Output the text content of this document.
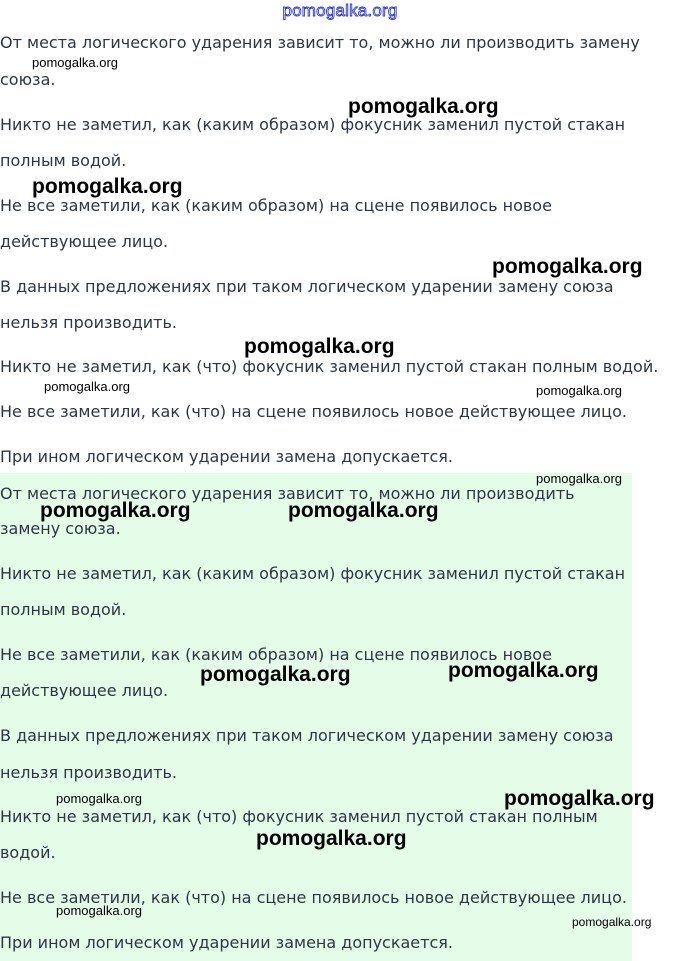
pomogalka.org
От места логического ударения зависит то, можно ли производить замену
союза.
Никто не заметил, как (каким образом) фокусник заменил пустой стакан
полным водой.
Не все заметили, как (каким образом) на сцене появилось новое
действующее лицо.
В данных предложениях при таком логическом ударении замену союза
нельзя производить.
Никто не заметил, как (что) фокусник заменил пустой стакан полным водой.
Не все заметили, как (что) на сцене появилось новое действующее лицо.
При ином логическом ударении замена допускается.
От места логического ударения зависит то, можно ли производить
замену союза.
Никто не заметил, как (каким образом) фокусник заменил пустой стакан
полным водой.
Не все заметили, как (каким образом) на сцене появилось новое
действующее лицо.
В данных предложениях при таком логическом ударении замену союза
нельзя производить.
Никто не заметил, как (что) фокусник заменил пустой стакан полным
водой.
Не все заметили, как (что) на сцене появилось новое действующее лицо.
При ином логическом ударении замена допускается.
pomogalka.org
pomogalka.org
pomogalka.org
pomogalka.org
pomogalka.org
pomogalka.org	pomogalka.org
pomogalka.org
pomogalka.org	pomogalka.org
pomogalka.org	pomogalka.org
pomogalka.org	pomogalka.org
pomogalka.org
pomogalka.org
pomogalka.org
